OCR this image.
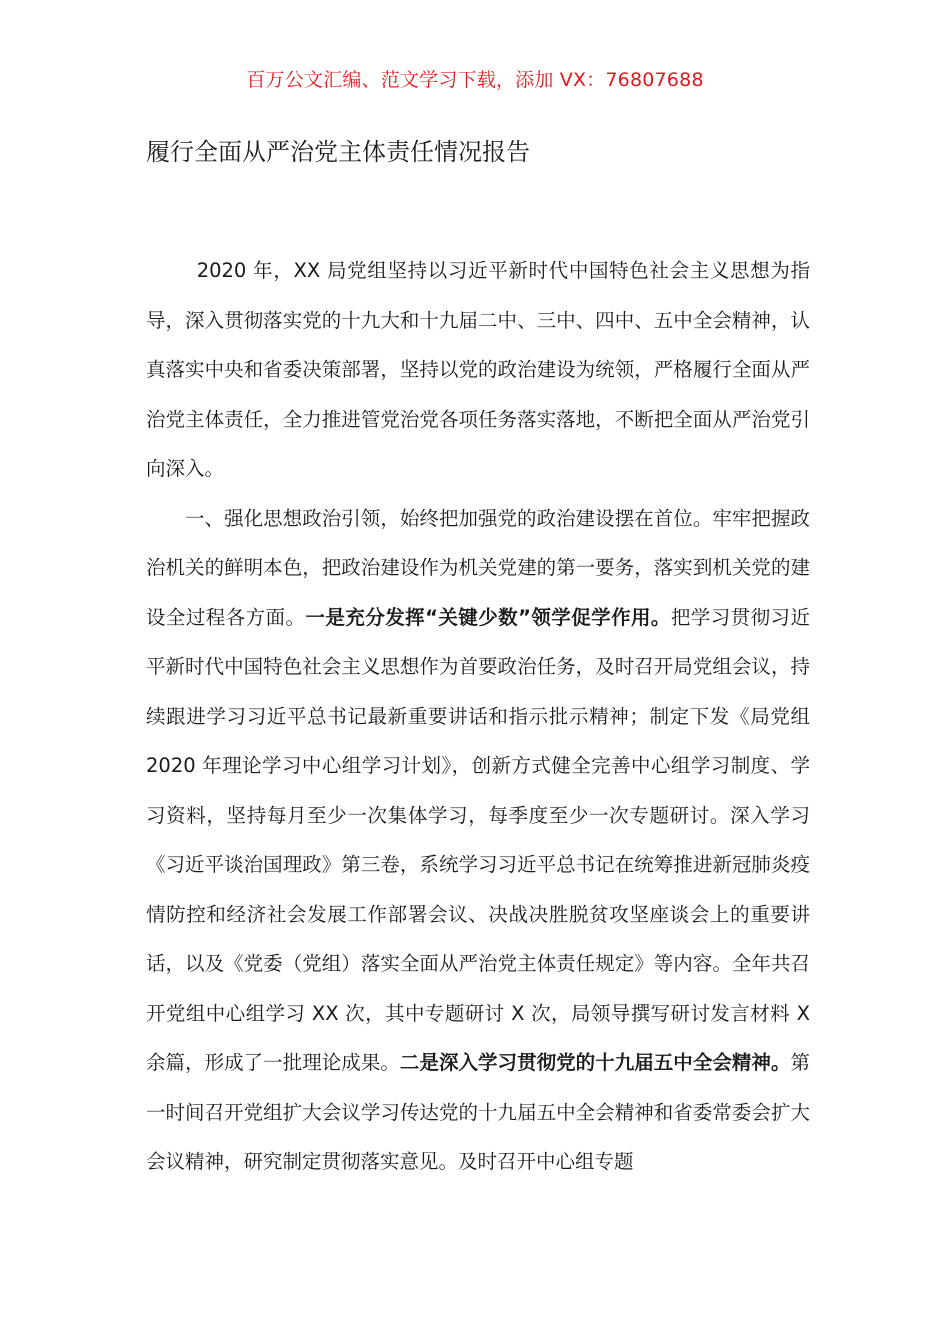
百万公文汇编、范文学习下载，添加 VX：76807688
履行全面从严治党主体责任情况报告

2020 年，XX 局党组坚持以习近平新时代中国特色社会主义思想为指导，深入贯彻落实党的十九大和十九届二中、三中、四中、五中全会精神，认真落实中央和省委决策部署，坚持以党的政治建设为统领，严格履行全面从严治党主体责任，全力推进管党治党各项任务落实落地，不断把全面从严治党引向深入。

一、强化思想政治引领，始终把加强党的政治建设摆在首位。牢牢把握政治机关的鲜明本色，把政治建设作为机关党建的第一要务，落实到机关党的建设全过程各方面。一是充分发挥“关键少数”领学促学作用。把学习贯彻习近平新时代中国特色社会主义思想作为首要政治任务，及时召开局党组会议，持续跟进学习习近平总书记最新重要讲话和指示批示精神；制定下发《局党组 2020 年理论学习中心组学习计划》，创新方式健全完善中心组学习制度、学习资料，坚持每月至少一次集体学习，每季度至少一次专题研讨。深入学习《习近平谈治国理政》第三卷，系统学习习近平总书记在统筹推进新冠肺炎疫情防控和经济社会发展工作部署会议、决战决胜脱贫攻坚座谈会上的重要讲话，以及《党委（党组）落实全面从严治党主体责任规定》等内容。全年共召开党组中心组学习 XX 次，其中专题研讨 X 次，局领导撰写研讨发言材料 X 余篇，形成了一批理论成果。二是深入学习贯彻党的十九届五中全会精神。第一时间召开党组扩大会议学习传达党的十九届五中全会精神和省委常委会扩大会议精神，研究制定贯彻落实意见。及时召开中心组专题
